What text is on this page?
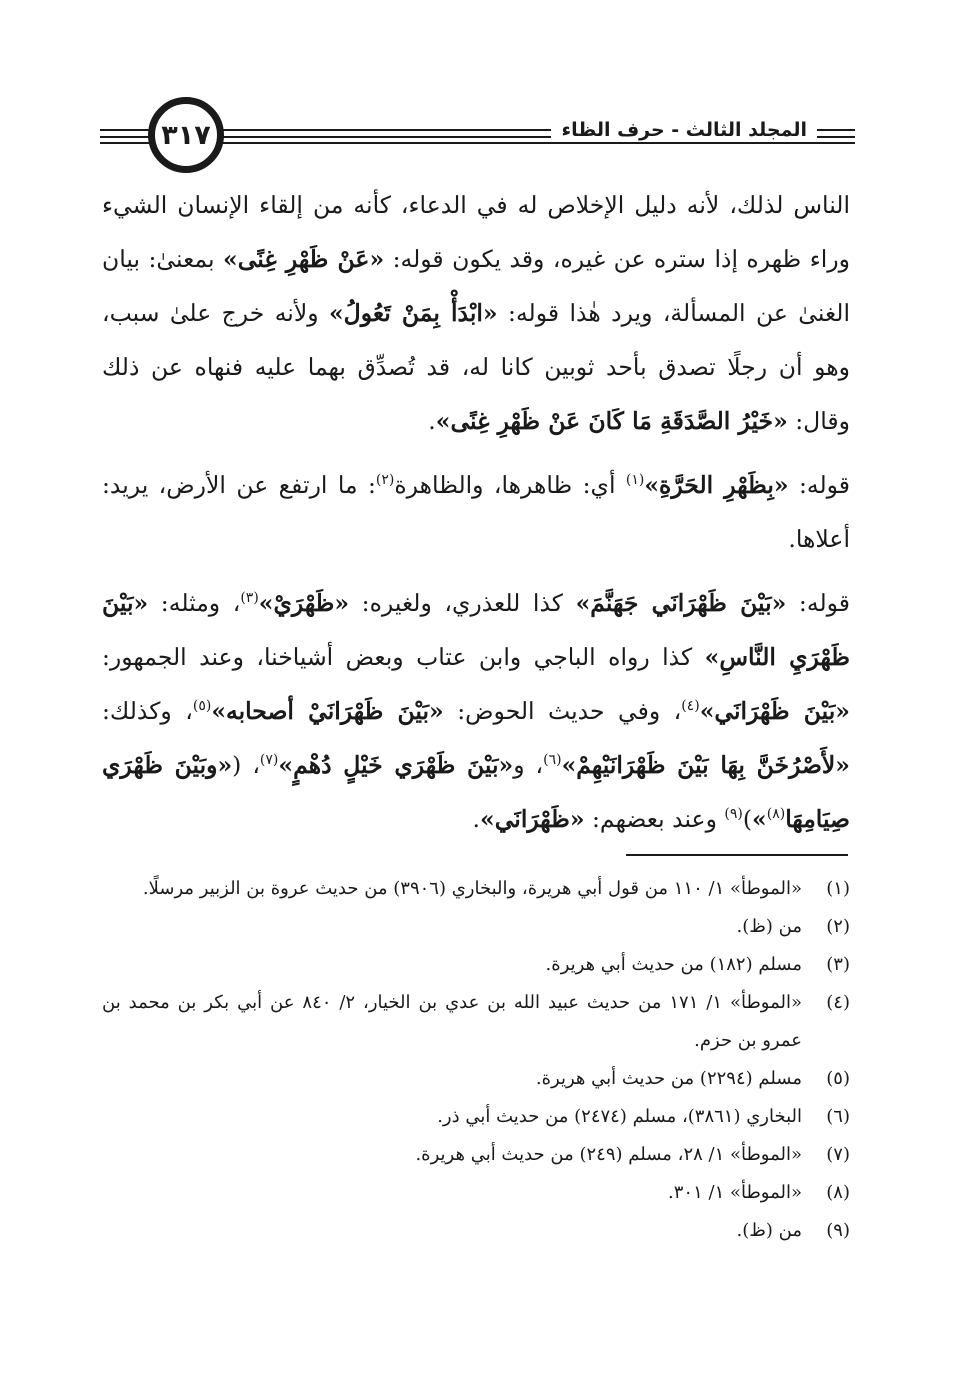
٣١٧	المجلد الثالث - حرف الظاء

الناس لذلك، لأنه دليل الإخلاص له في الدعاء، كأنه من إلقاء الإنسان الشيء وراء ظهره إذا ستره عن غيره، وقد يكون قوله: «عَنْ ظَهْرِ غِنًى» بمعنىٰ: بيان الغنىٰ عن المسألة، ويرد هٰذا قوله: «ابْدَأْ بِمَنْ تَعُولُ» ولأنه خرج علىٰ سبب، وهو أن رجلًا تصدق بأحد ثوبين كانا له، قد تُصدِّق بهما عليه فنهاه عن ذلك وقال: «خَيْرُ الصَّدَقَةِ مَا كَانَ عَنْ ظَهْرِ غِنًى».

قوله: «بِظَهْرِ الحَرَّةِ»$^{(١)}$ أي: ظاهرها، والظاهرة$^{(٢)}$: ما ارتفع عن الأرض، يريد: أعلاها.

قوله: «بَيْنَ ظَهْرَانَي جَهَنَّمَ» كذا للعذري، ولغيره: «ظَهْرَيْ»$^{(٣)}$، ومثله: «بَيْنَ ظَهْرَيِ النَّاسِ» كذا رواه الباجي وابن عتاب وبعض أشياخنا، وعند الجمهور: «بَيْنَ ظَهْرَانَي»$^{(٤)}$، وفي حديث الحوض: «بَيْنَ ظَهْرَانَيْ أصحابه»$^{(٥)}$، وكذلك: «لأَصْرُخَنَّ بِهَا بَيْنَ ظَهْرَانَيْهِمْ»$^{(٦)}$، و«بَيْنَ ظَهْرَي خَيْلٍ دُهْمٍ»$^{(٧)}$، («وبَيْنَ ظَهْرَي صِيَامِهَا$^{(٨)}$»)$^{(٩)}$ وعند بعضهم: «ظَهْرَانَي».

(١)
«الموطأ» ١/ ١١٠ من قول أبي هريرة، والبخاري (٣٩٠٦) من حديث عروة بن الزبير مرسلًا.
(٢)
من (ظ).
(٣)
مسلم (١٨٢) من حديث أبي هريرة.
(٤)
«الموطأ» ١/ ١٧١ من حديث عبيد الله بن عدي بن الخيار، ٢/ ٨٤٠ عن أبي بكر بن محمد بن عمرو بن حزم.
(٥)
مسلم (٢٢٩٤) من حديث أبي هريرة.
(٦)
البخاري (٣٨٦١)، مسلم (٢٤٧٤) من حديث أبي ذر.
(٧)
«الموطأ» ١/ ٢٨، مسلم (٢٤٩) من حديث أبي هريرة.
(٨)
«الموطأ» ١/ ٣٠١.
(٩)
من (ظ).
